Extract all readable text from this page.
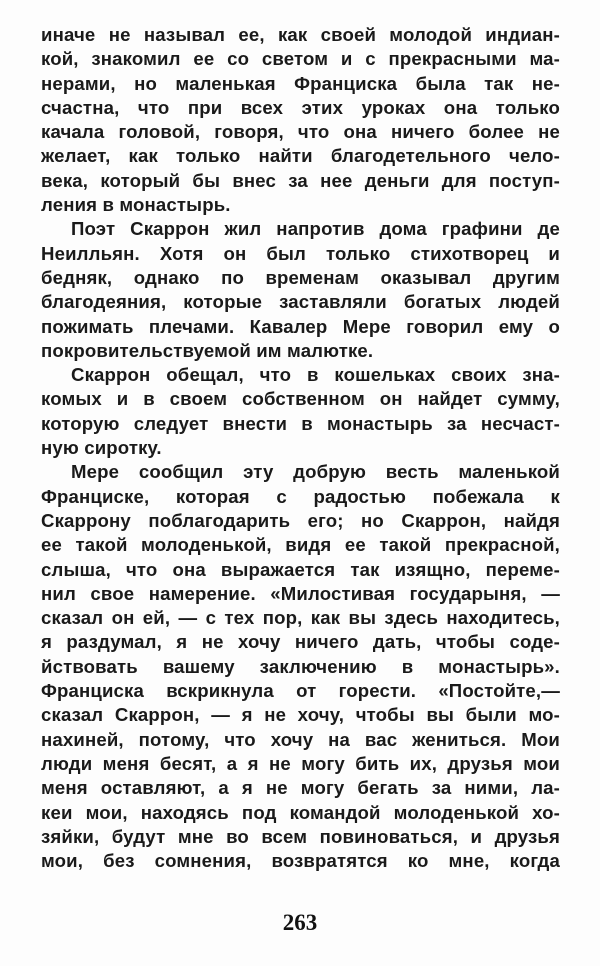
иначе не называл ее, как своей молодой индиан-
кой, знакомил ее со светом и с прекрасными ма-
нерами, но маленькая Франциска была так не-
счастна, что при всех этих уроках она только
качала головой, говоря, что она ничего более не
желает, как только найти благодетельного чело-
века, который бы внес за нее деньги для поступ-
ления в монастырь.
Поэт Скаррон жил напротив дома графини де
Неилльян. Хотя он был только стихотворец и
бедняк, однако по временам оказывал другим
благодеяния, которые заставляли богатых людей
пожимать плечами. Кавалер Мере говорил ему о
покровительствуемой им малютке.
Скаррон обещал, что в кошельках своих зна-
комых и в своем собственном он найдет сумму,
которую следует внести в монастырь за несчаст-
ную сиротку.
Мере сообщил эту добрую весть маленькой
Франциске, которая с радостью побежала к
Скаррону поблагодарить его; но Скаррон, найдя
ее такой молоденькой, видя ее такой прекрасной,
слыша, что она выражается так изящно, переме-
нил свое намерение. «Милостивая государыня, —
сказал он ей, — с тех пор, как вы здесь находитесь,
я раздумал, я не хочу ничего дать, чтобы соде-
йствовать вашему заключению в монастырь».
Франциска вскрикнула от горести. «Постойте,—
сказал Скаррон, — я не хочу, чтобы вы были мо-
нахиней, потому, что хочу на вас жениться. Мои
люди меня бесят, а я не могу бить их, друзья мои
меня оставляют, а я не могу бегать за ними, ла-
кеи мои, находясь под командой молоденькой хо-
зяйки, будут мне во всем повиноваться, и друзья
мои, без сомнения, возвратятся ко мне, когда
263
